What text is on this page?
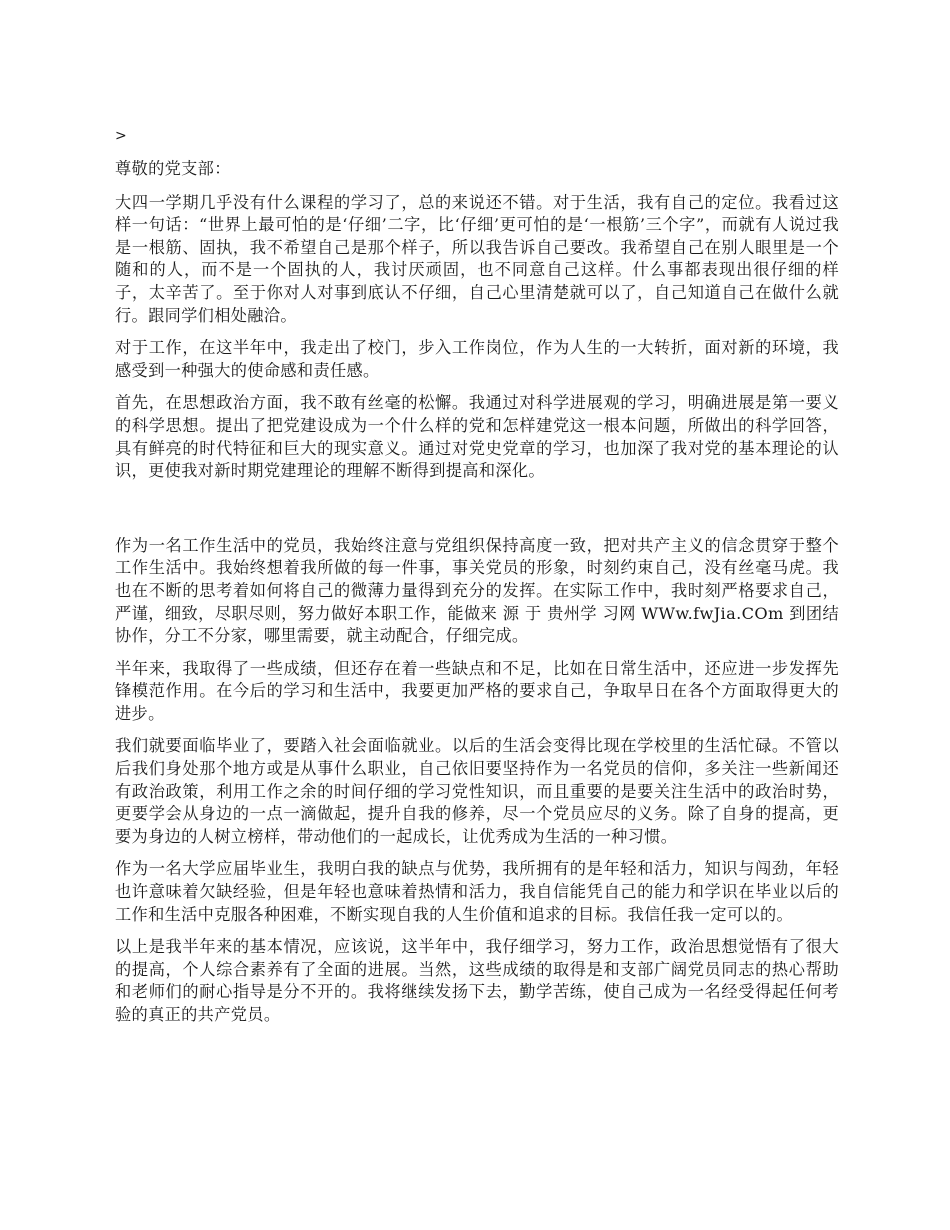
>
尊敬的党支部：

大四一学期几乎没有什么课程的学习了，总的来说还不错。对于生活，我有自己的定位。我看过这样一句话：“世界上最可怕的是‘仔细’二字，比‘仔细’更可怕的是‘一根筋’三个字”，而就有人说过我是一根筋、固执，我不希望自己是那个样子，所以我告诉自己要改。我希望自己在别人眼里是一个随和的人，而不是一个固执的人，我讨厌顽固，也不同意自己这样。什么事都表现出很仔细的样子，太辛苦了。至于你对人对事到底认不仔细，自己心里清楚就可以了，自己知道自己在做什么就行。跟同学们相处融洽。

对于工作，在这半年中，我走出了校门，步入工作岗位，作为人生的一大转折，面对新的环境，我感受到一种强大的使命感和责任感。

首先，在思想政治方面，我不敢有丝毫的松懈。我通过对科学进展观的学习，明确进展是第一要义的科学思想。提出了把党建设成为一个什么样的党和怎样建党这一根本问题，所做出的科学回答，具有鲜亮的时代特征和巨大的现实意义。通过对党史党章的学习，也加深了我对党的基本理论的认识，更使我对新时期党建理论的理解不断得到提高和深化。

作为一名工作生活中的党员，我始终注意与党组织保持高度一致，把对共产主义的信念贯穿于整个工作生活中。我始终想着我所做的每一件事，事关党员的形象，时刻约束自己，没有丝毫马虎。我也在不断的思考着如何将自己的微薄力量得到充分的发挥。在实际工作中，我时刻严格要求自己，严谨，细致，尽职尽则，努力做好本职工作，能做来 源 于 贵州学 习网 WWw.fwJia.COm 到团结协作，分工不分家，哪里需要，就主动配合，仔细完成。

半年来，我取得了一些成绩，但还存在着一些缺点和不足，比如在日常生活中，还应进一步发挥先锋模范作用。在今后的学习和生活中，我要更加严格的要求自己，争取早日在各个方面取得更大的进步。

我们就要面临毕业了，要踏入社会面临就业。以后的生活会变得比现在学校里的生活忙碌。不管以后我们身处那个地方或是从事什么职业，自己依旧要坚持作为一名党员的信仰，多关注一些新闻还有政治政策，利用工作之余的时间仔细的学习党性知识，而且重要的是要关注生活中的政治时势，更要学会从身边的一点一滴做起，提升自我的修养，尽一个党员应尽的义务。除了自身的提高，更要为身边的人树立榜样，带动他们的一起成长，让优秀成为生活的一种习惯。

作为一名大学应届毕业生，我明白我的缺点与优势，我所拥有的是年轻和活力，知识与闯劲，年轻也许意味着欠缺经验，但是年轻也意味着热情和活力，我自信能凭自己的能力和学识在毕业以后的工作和生活中克服各种困难，不断实现自我的人生价值和追求的目标。我信任我一定可以的。

以上是我半年来的基本情况，应该说，这半年中，我仔细学习，努力工作，政治思想觉悟有了很大的提高，个人综合素养有了全面的进展。当然，这些成绩的取得是和支部广阔党员同志的热心帮助和老师们的耐心指导是分不开的。我将继续发扬下去，勤学苦练，使自己成为一名经受得起任何考验的真正的共产党员。
